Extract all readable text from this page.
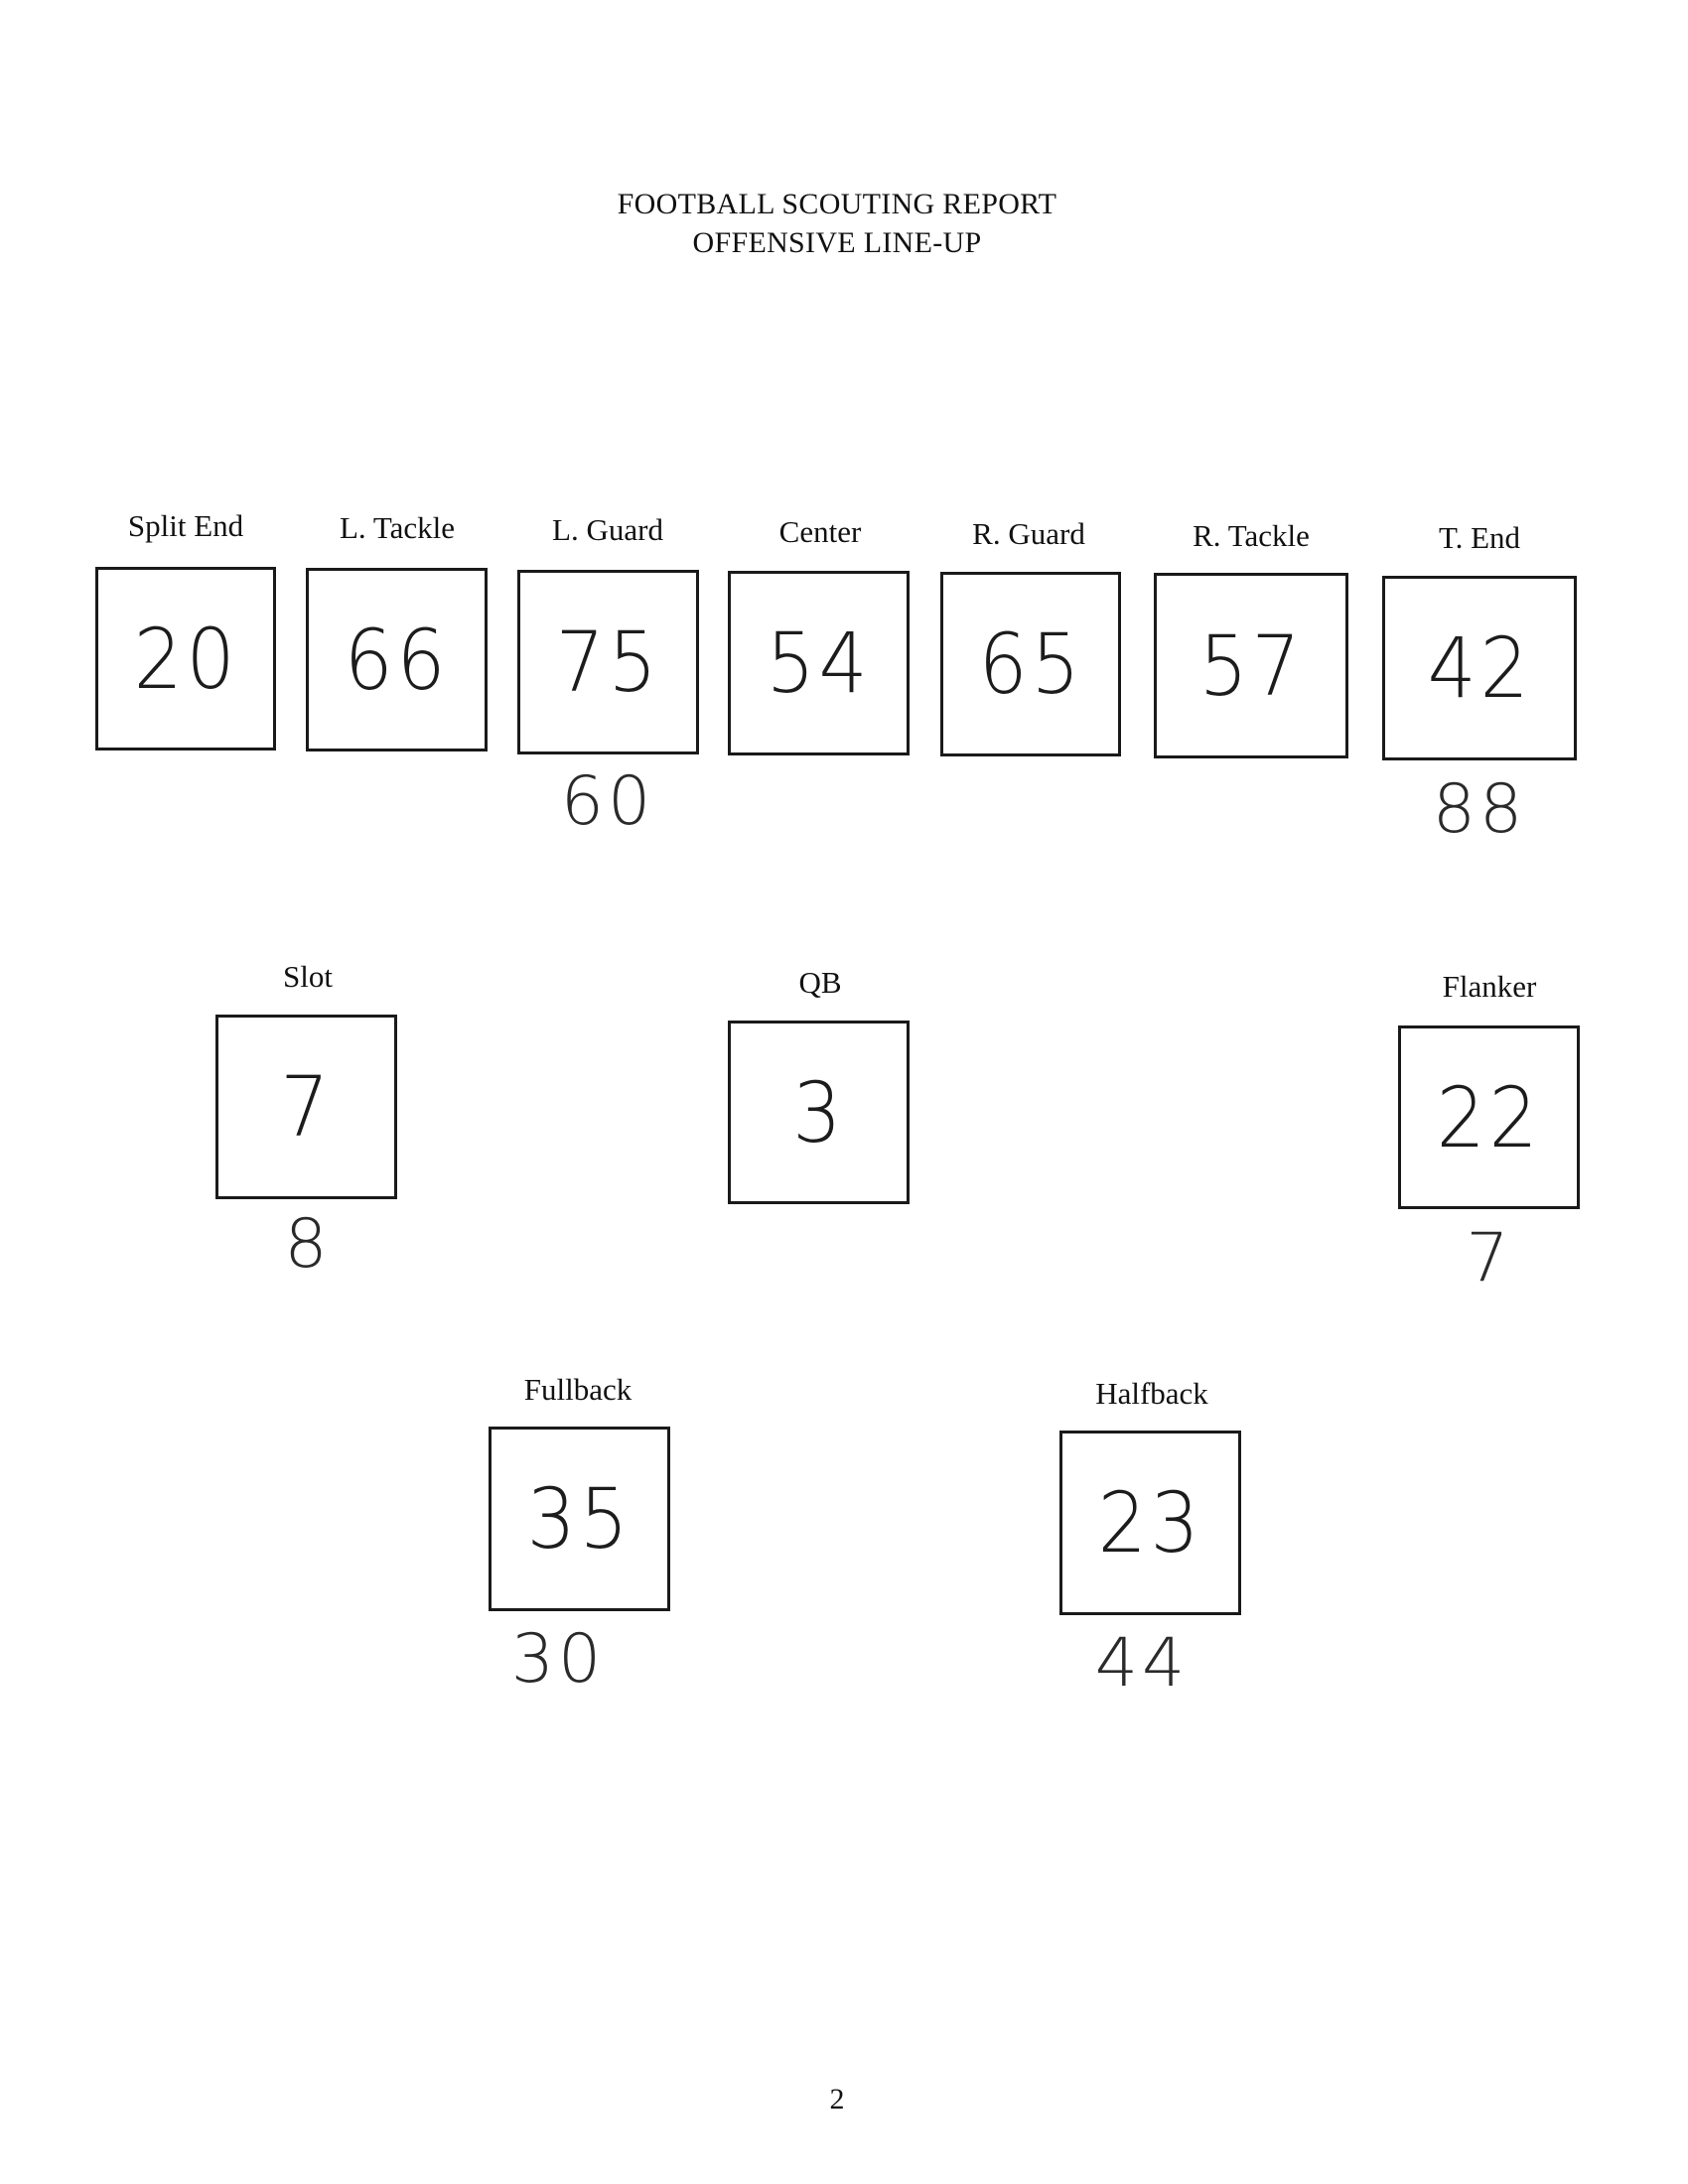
FOOTBALL SCOUTING REPORT
OFFENSIVE LINE-UP
Split End
20
L. Tackle
66
L. Guard
75
60
Center
54
R. Guard
65
R. Tackle
57
T. End
42
88
Slot
7
8
QB
3
Flanker
22
7
Fullback
35
30
Halfback
23
44
2
